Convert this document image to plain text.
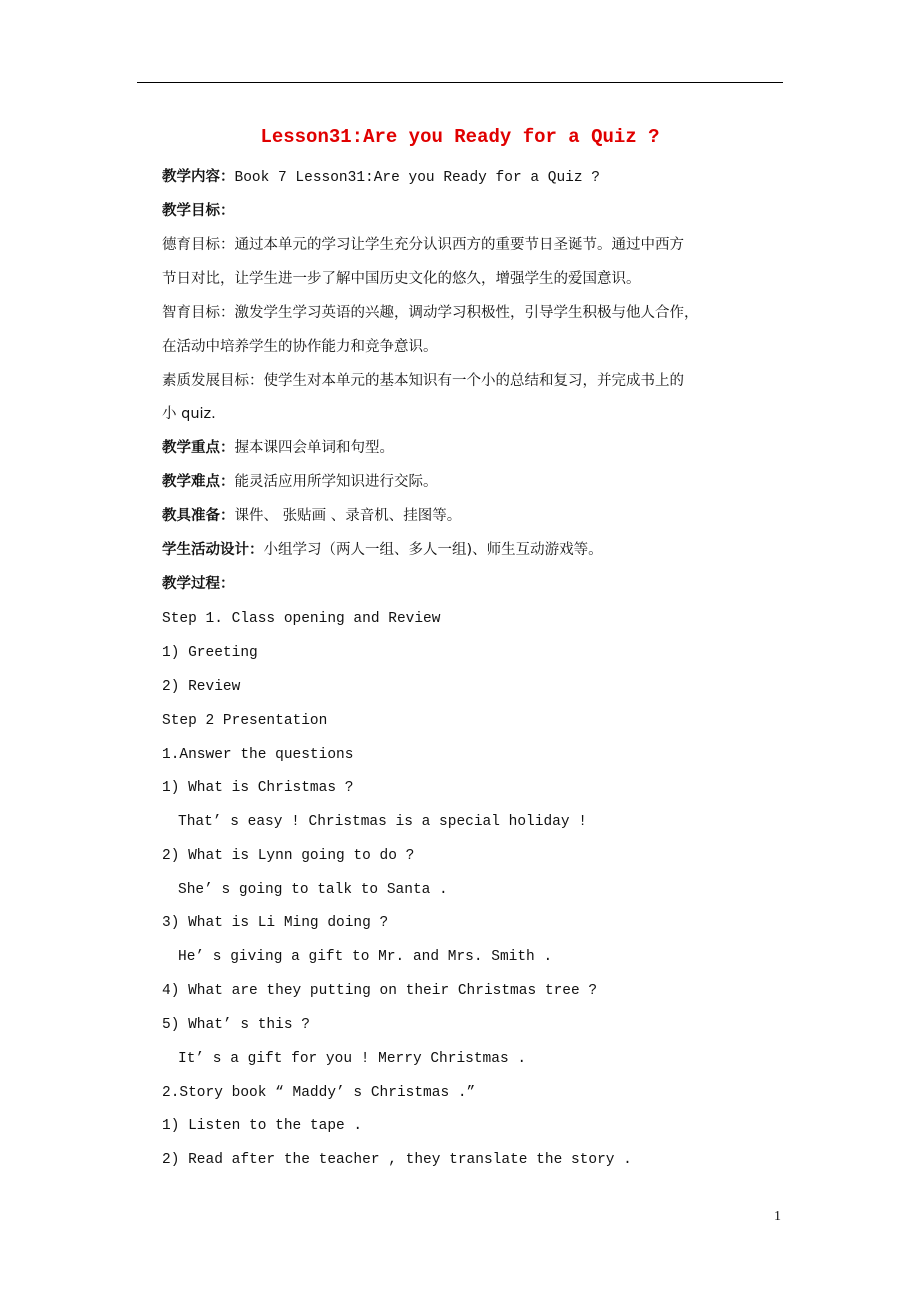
Lesson31:Are you Ready for a Quiz ?
教学内容：Book 7 Lesson31:Are you Ready for a Quiz ?
教学目标：
德育目标：通过本单元的学习让学生充分认识西方的重要节日圣诞节。通过中西方
节日对比，让学生进一步了解中国历史文化的悠久，增强学生的爱国意识。
智育目标：激发学生学习英语的兴趣，调动学习积极性，引导学生积极与他人合作，
在活动中培养学生的协作能力和竞争意识。
素质发展目标：使学生对本单元的基本知识有一个小的总结和复习，并完成书上的
小 quiz.
教学重点：握本课四会单词和句型。
教学难点：能灵活应用所学知识进行交际。
教具准备：课件、 张贴画 、录音机、挂图等。
学生活动设计：小组学习（两人一组、多人一组)、师生互动游戏等。
教学过程：
Step 1. Class opening and Review
1) Greeting
2) Review
Step 2 Presentation
1.Answer the questions
1) What is Christmas ?
That’ s easy ! Christmas is a special holiday !
2) What is Lynn going to do ?
She’ s going to talk to Santa .
3) What is Li Ming doing ?
He’ s giving a gift to Mr. and Mrs. Smith .
4) What are they putting on their Christmas tree ?
5) What’ s this ?
It’ s a gift for you ! Merry Christmas .
2.Story book “ Maddy’ s Christmas .”
1) Listen to the tape .
2) Read after the teacher , they translate the story .
1
